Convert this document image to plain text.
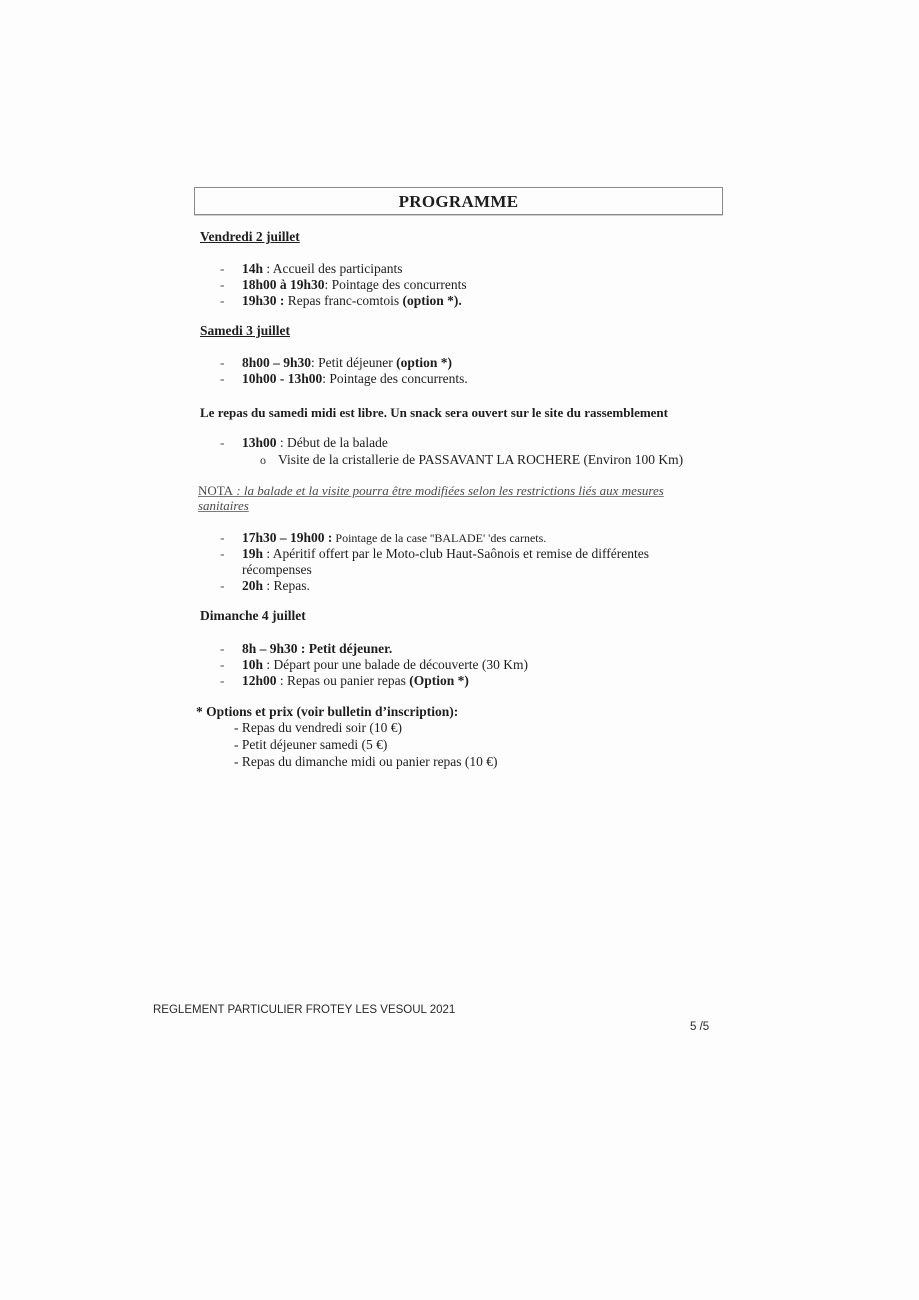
PROGRAMME
Vendredi 2 juillet
- 14h : Accueil des participants
- 18h00 à 19h30: Pointage des concurrents
- 19h30 : Repas franc-comtois (option *).
Samedi 3 juillet
- 8h00 – 9h30: Petit déjeuner (option *)
- 10h00 - 13h00: Pointage des concurrents.
Le repas du samedi midi est libre. Un snack sera ouvert sur le site du rassemblement
- 13h00 : Début de la balade
o Visite de la cristallerie de PASSAVANT LA ROCHERE (Environ 100 Km)
NOTA : la balade et la visite pourra être modifiées selon les restrictions liés aux mesures
sanitaires
- 17h30 – 19h00 : Pointage de la case ''BALADE' 'des carnets.
- 19h : Apéritif offert par le Moto-club Haut-Saônois et remise de différentes
récompenses
- 20h : Repas.
Dimanche 4 juillet
- 8h – 9h30 : Petit déjeuner.
- 10h : Départ pour une balade de découverte (30 Km)
- 12h00 : Repas ou panier repas (Option *)
* Options et prix (voir bulletin d’inscription):
- Repas du vendredi soir (10 €)
- Petit déjeuner samedi (5 €)
- Repas du dimanche midi ou panier repas (10 €)
REGLEMENT PARTICULIER FROTEY LES VESOUL 2021
5 /5
